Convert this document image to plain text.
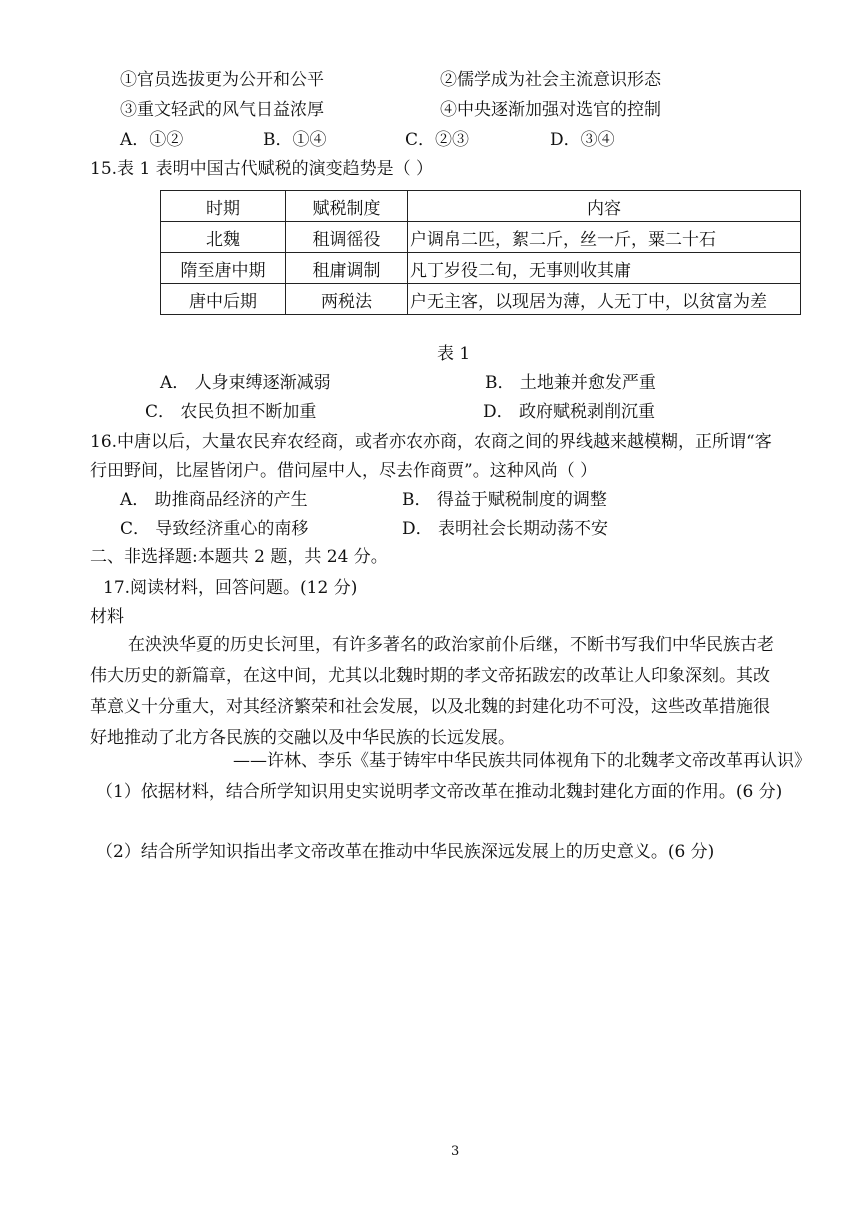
①官员选拔更为公开和公平	②儒学成为社会主流意识形态
③重文轻武的风气日益浓厚	④中央逐渐加强对选官的控制
A．①②	B．①④	C．②③	D．③④
15.表 1 表明中国古代赋税的演变趋势是（ ）
时期	赋税制度	内容
北魏	租调徭役	户调帛二匹，絮二斤，丝一斤，粟二十石
隋至唐中期	租庸调制	凡丁岁役二旬，无事则收其庸
唐中后期	两税法	户无主客，以现居为薄，人无丁中，以贫富为差
表 1
A． 人身束缚逐渐减弱	B． 土地兼并愈发严重
C． 农民负担不断加重	D． 政府赋税剥削沉重
16.中唐以后，大量农民弃农经商，或者亦农亦商，农商之间的界线越来越模糊，正所谓“客
行田野间，比屋皆闭户。借问屋中人，尽去作商贾”。这种风尚（ ）
A． 助推商品经济的产生	B． 得益于赋税制度的调整
C． 导致经济重心的南移	D． 表明社会长期动荡不安
二、非选择题:本题共 2 题，共 24 分。
17.阅读材料，回答问题。(12 分)
材料
在泱泱华夏的历史长河里，有许多著名的政治家前仆后继，不断书写我们中华民族古老
伟大历史的新篇章，在这中间，尤其以北魏时期的孝文帝拓跋宏的改革让人印象深刻。其改
革意义十分重大，对其经济繁荣和社会发展，以及北魏的封建化功不可没，这些改革措施很
好地推动了北方各民族的交融以及中华民族的长远发展。
——许林、李乐《基于铸牢中华民族共同体视角下的北魏孝文帝改革再认识》
（1）依据材料，结合所学知识用史实说明孝文帝改革在推动北魏封建化方面的作用。(6 分)
（2）结合所学知识指出孝文帝改革在推动中华民族深远发展上的历史意义。(6 分)
3
